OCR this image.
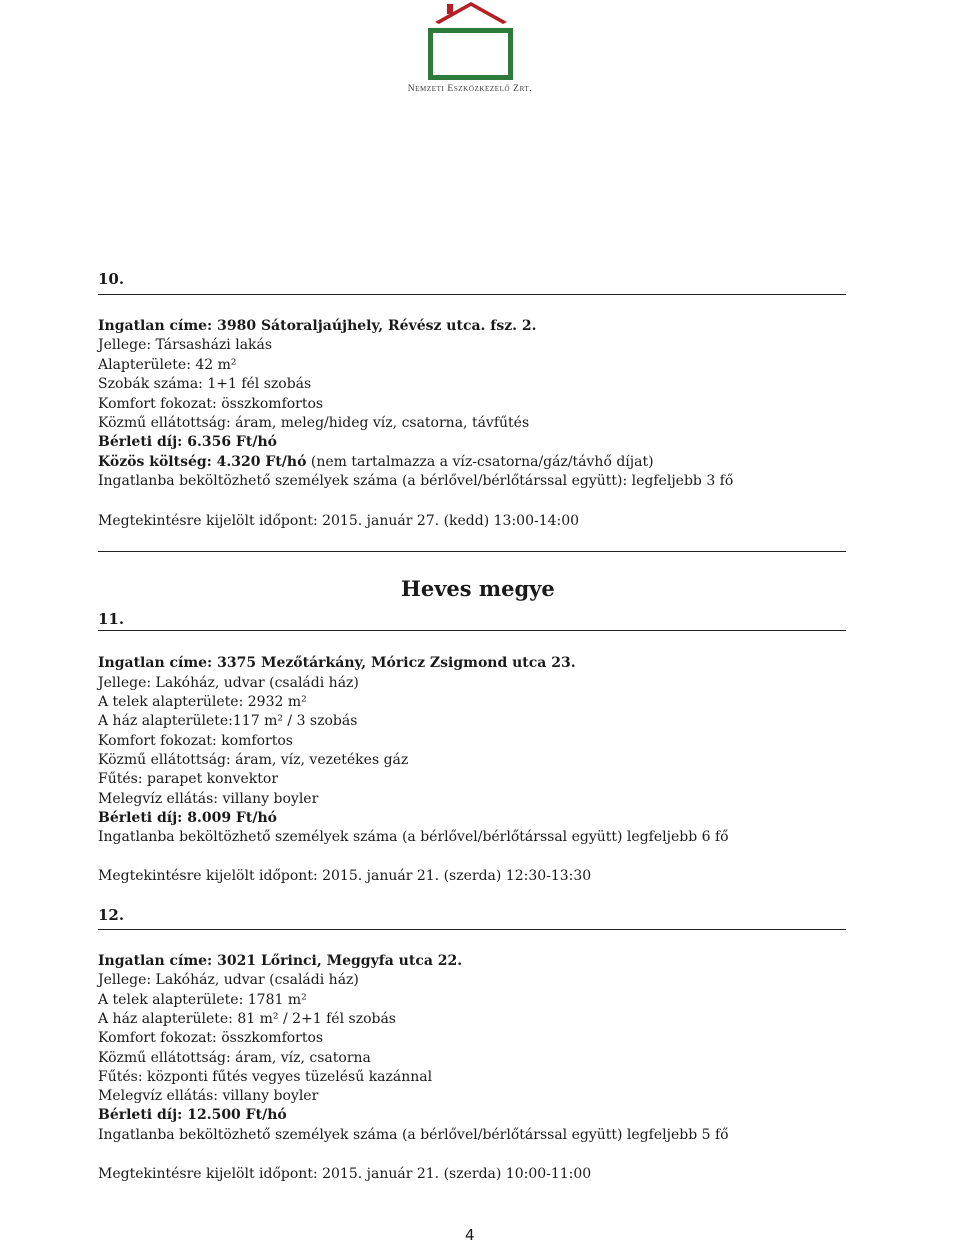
Nemzeti Eszközkezelő Zrt.
10.
Ingatlan címe: 3980 Sátoraljaújhely, Révész utca. fsz. 2.
Jellege: Társasházi lakás
Alapterülete: 42 m²
Szobák száma: 1+1 fél szobás
Komfort fokozat: összkomfortos
Közmű ellátottság: áram, meleg/hideg víz, csatorna, távfűtés
Bérleti díj: 6.356 Ft/hó
Közös költség: 4.320 Ft/hó (nem tartalmazza a víz-csatorna/gáz/távhő díjat)
Ingatlanba beköltözhető személyek száma (a bérlővel/bérlőtárssal együtt): legfeljebb 3 fő
Megtekintésre kijelölt időpont: 2015. január 27. (kedd) 13:00-14:00
Heves megye
11.
Ingatlan címe: 3375 Mezőtárkány, Móricz Zsigmond utca 23.
Jellege: Lakóház, udvar (családi ház)
A telek alapterülete: 2932 m²
A ház alapterülete:117 m² / 3 szobás
Komfort fokozat: komfortos
Közmű ellátottság: áram, víz, vezetékes gáz
Fűtés: parapet konvektor
Melegvíz ellátás: villany boyler
Bérleti díj: 8.009 Ft/hó
Ingatlanba beköltözhető személyek száma (a bérlővel/bérlőtárssal együtt) legfeljebb 6 fő
Megtekintésre kijelölt időpont: 2015. január 21. (szerda) 12:30-13:30
12.
Ingatlan címe: 3021 Lőrinci, Meggyfa utca 22.
Jellege: Lakóház, udvar (családi ház)
A telek alapterülete: 1781 m²
A ház alapterülete: 81 m² / 2+1 fél szobás
Komfort fokozat: összkomfortos
Közmű ellátottság: áram, víz, csatorna
Fűtés: központi fűtés vegyes tüzelésű kazánnal
Melegvíz ellátás: villany boyler
Bérleti díj: 12.500 Ft/hó
Ingatlanba beköltözhető személyek száma (a bérlővel/bérlőtárssal együtt) legfeljebb 5 fő
Megtekintésre kijelölt időpont: 2015. január 21. (szerda) 10:00-11:00
4
